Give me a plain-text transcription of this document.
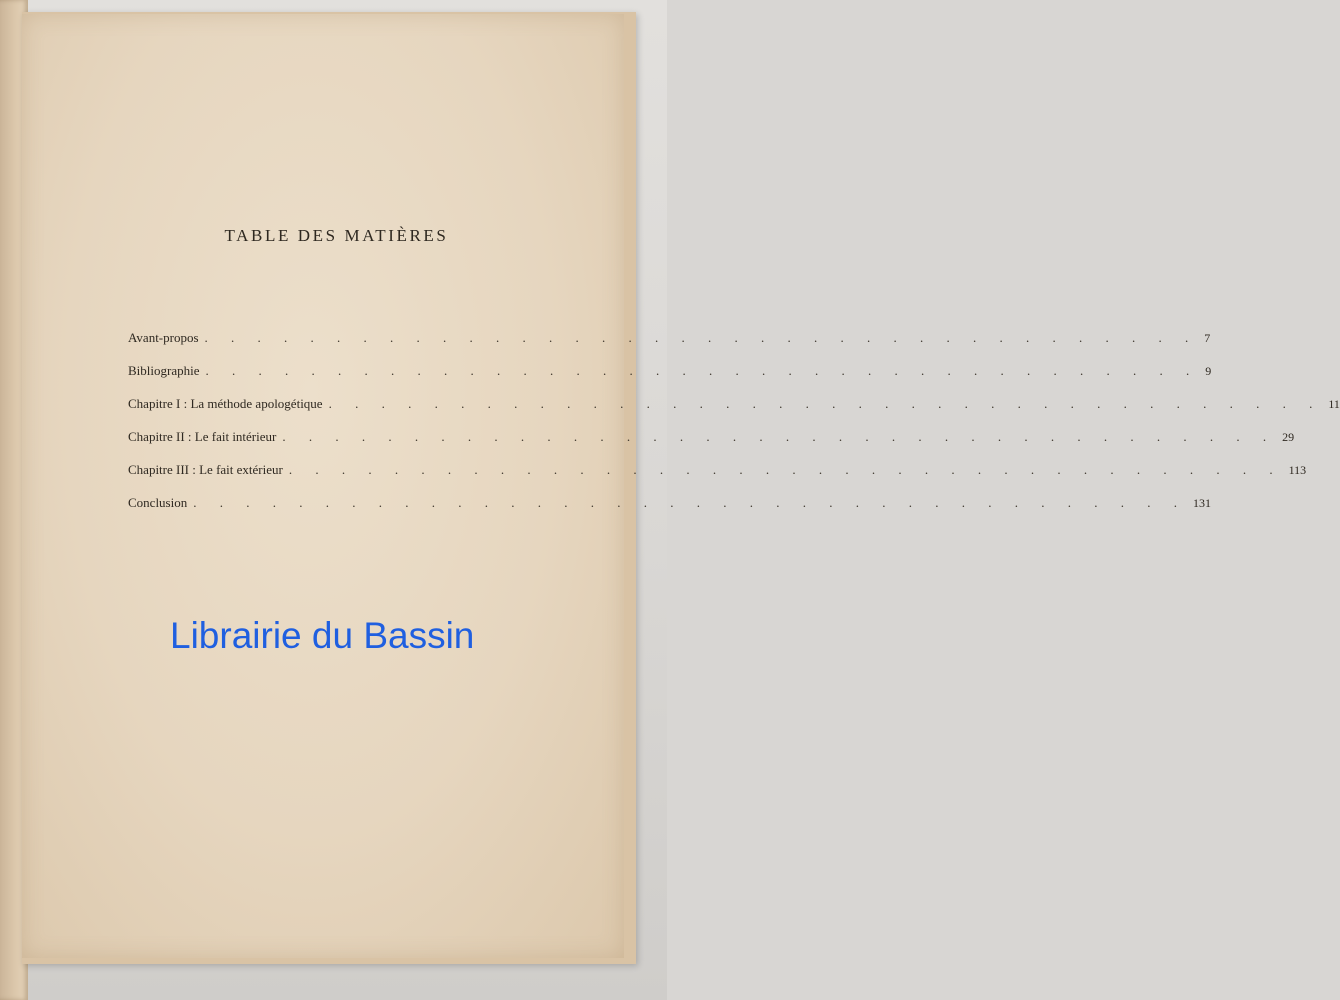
TABLE DES MATIÈRES
Avant-propos . . . . . . . . . . . . . . . . . . . . . . . . . . . . . . . . . . . . . . 7
Bibliographie . . . . . . . . . . . . . . . . . . . . . . . . . . . . . . . . . . . . . . 9
Chapitre I : La méthode apologétique . . . . . . . . . . . . . . . . . . . . . . . . . . . . . . . . . . . . . . 11
Chapitre II : Le fait intérieur . . . . . . . . . . . . . . . . . . . . . . . . . . . . . . . . . . . . . . 29
Chapitre III : Le fait extérieur . . . . . . . . . . . . . . . . . . . . . . . . . . . . . . . . . . . . . . 113
Conclusion . . . . . . . . . . . . . . . . . . . . . . . . . . . . . . . . . . . . . . 131
Librairie du Bassin
